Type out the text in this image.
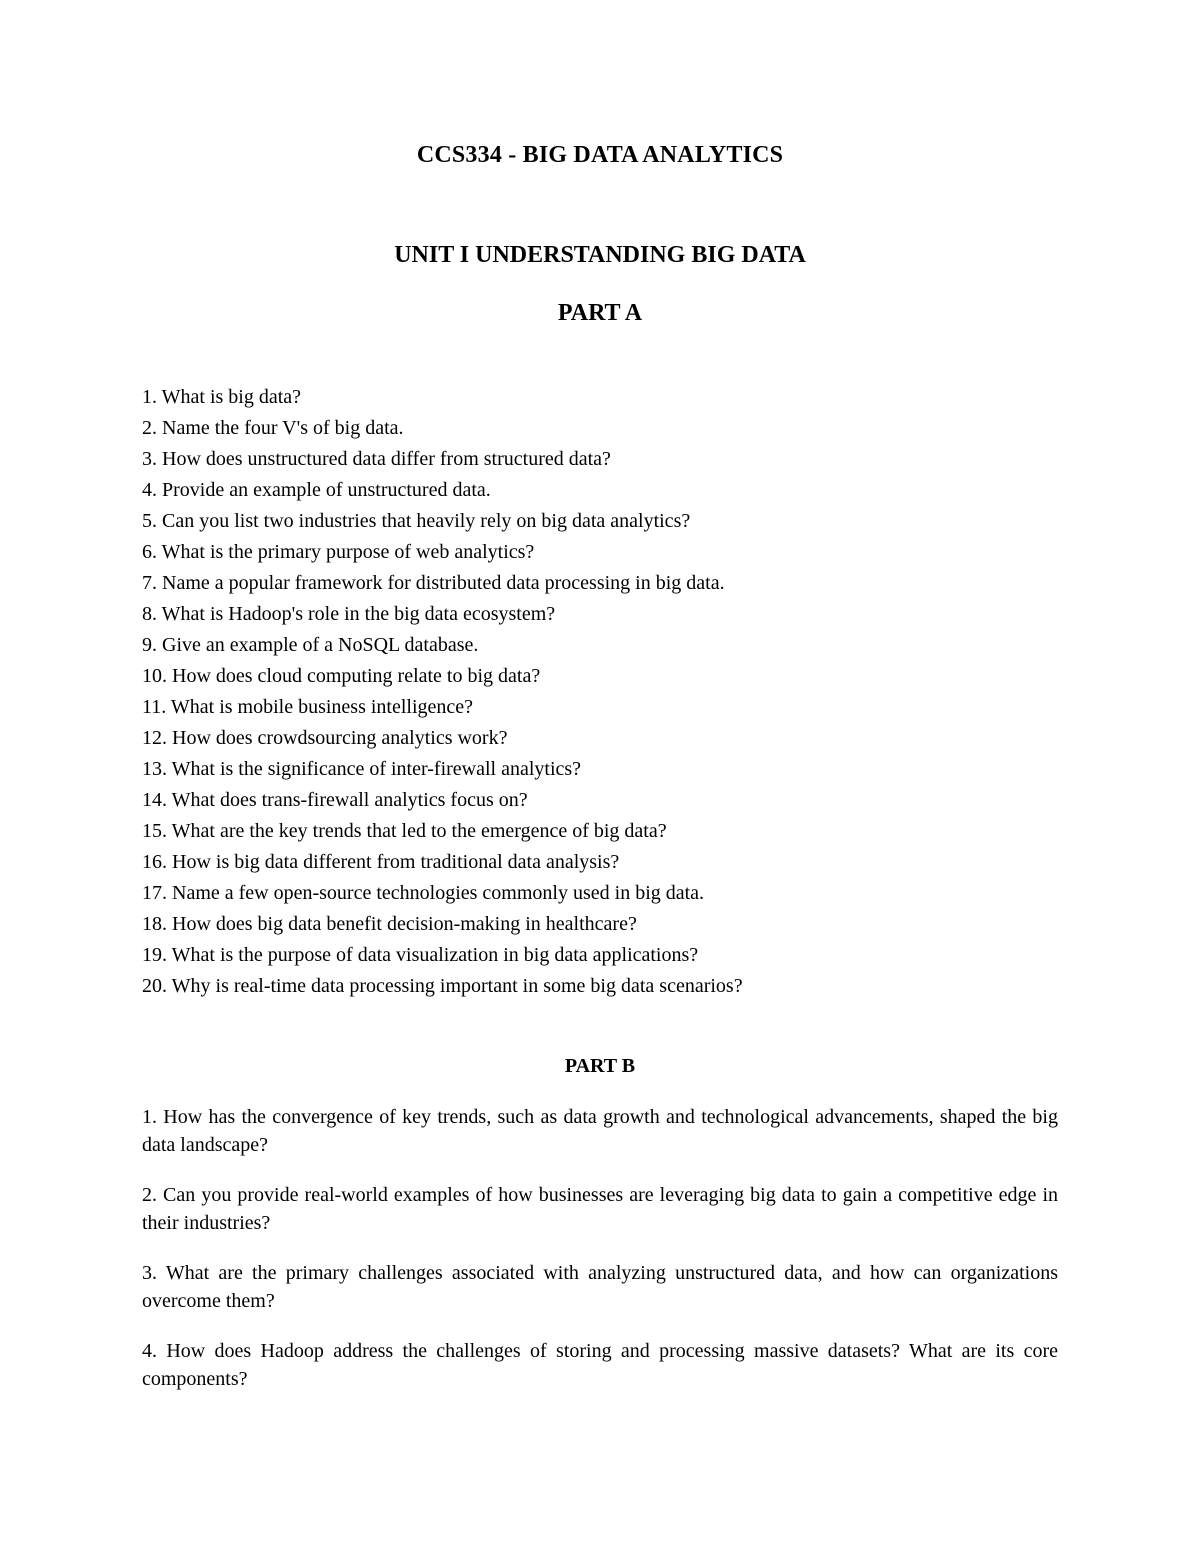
CCS334 - BIG DATA ANALYTICS
UNIT I UNDERSTANDING BIG DATA
PART A
1. What is big data?
2. Name the four V's of big data.
3. How does unstructured data differ from structured data?
4. Provide an example of unstructured data.
5. Can you list two industries that heavily rely on big data analytics?
6. What is the primary purpose of web analytics?
7. Name a popular framework for distributed data processing in big data.
8. What is Hadoop's role in the big data ecosystem?
9. Give an example of a NoSQL database.
10. How does cloud computing relate to big data?
11. What is mobile business intelligence?
12. How does crowdsourcing analytics work?
13. What is the significance of inter-firewall analytics?
14. What does trans-firewall analytics focus on?
15. What are the key trends that led to the emergence of big data?
16. How is big data different from traditional data analysis?
17. Name a few open-source technologies commonly used in big data.
18. How does big data benefit decision-making in healthcare?
19. What is the purpose of data visualization in big data applications?
20. Why is real-time data processing important in some big data scenarios?
PART B
1. How has the convergence of key trends, such as data growth and technological advancements, shaped the big data landscape?
2. Can you provide real-world examples of how businesses are leveraging big data to gain a competitive edge in their industries?
3. What are the primary challenges associated with analyzing unstructured data, and how can organizations overcome them?
4. How does Hadoop address the challenges of storing and processing massive datasets? What are its core components?
